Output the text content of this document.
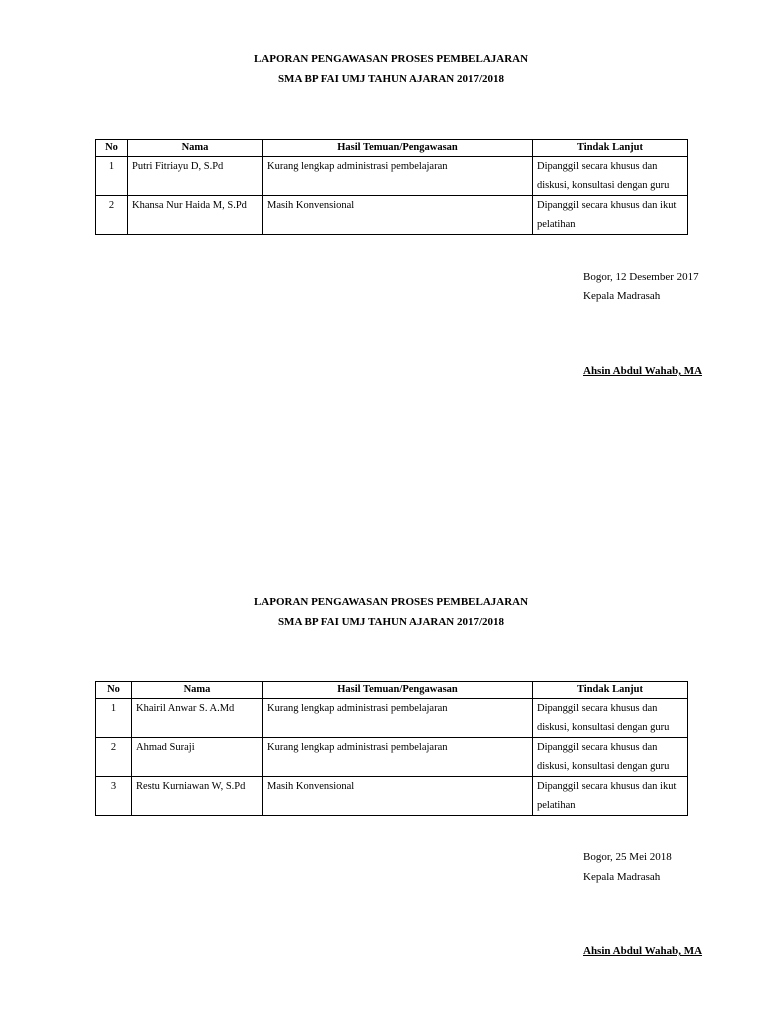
LAPORAN PENGAWASAN PROSES PEMBELAJARAN
SMA BP FAI UMJ TAHUN AJARAN 2017/2018
No	Nama	Hasil Temuan/Pengawasan	Tindak Lanjut
1	Putri Fitriayu D, S.Pd	Kurang lengkap administrasi pembelajaran	Dipanggil secara khusus dan diskusi, konsultasi dengan guru
2	Khansa Nur Haida M, S.Pd	Masih Konvensional	Dipanggil secara khusus dan ikut pelatihan
Bogor, 12 Desember 2017
Kepala Madrasah
Ahsin Abdul Wahab, MA
LAPORAN PENGAWASAN PROSES PEMBELAJARAN
SMA BP FAI UMJ TAHUN AJARAN 2017/2018
No	Nama	Hasil Temuan/Pengawasan	Tindak Lanjut
1	Khairil Anwar S. A.Md	Kurang lengkap administrasi pembelajaran	Dipanggil secara khusus dan diskusi, konsultasi dengan guru
2	Ahmad Suraji	Kurang lengkap administrasi pembelajaran	Dipanggil secara khusus dan diskusi, konsultasi dengan guru
3	Restu Kurniawan W, S.Pd	Masih Konvensional	Dipanggil secara khusus dan ikut pelatihan
Bogor, 25 Mei 2018
Kepala Madrasah
Ahsin Abdul Wahab, MA
